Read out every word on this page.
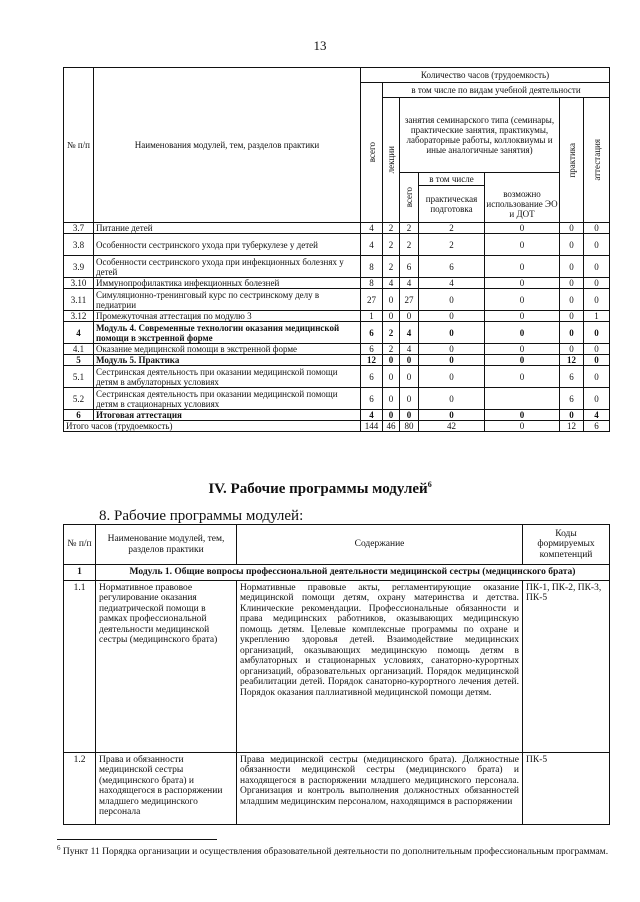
13
№ п/п	Наименования модулей, тем, разделов практики	Количество часов (трудоемкость)						

		всего	в том числе по видам учебной деятельности					

			лекции	занятия семинарского типа (семинары, практические занятия, практикумы, лабораторные работы, коллоквиумы и иные аналогичные занятия)			практика	аттестация

				всего	в том числе
практическая подготовка	возможно использование ЭО и ДОТ		

3.7	Питание детей	4	2	2	2	0	0	0
3.8	Особенности сестринского ухода при туберкулезе у детей	4	2	2	2	0	0	0
3.9	Особенности сестринского ухода при инфекционных болезнях у детей	8	2	6	6	0	0	0
3.10	Иммунопрофилактика инфекционных болезней	8	4	4	4	0	0	0
3.11	Симуляционно-тренинговый курс по сестринскому делу в педиатрии	27	0	27	0	0	0	0
3.12	Промежуточная аттестация по модулю 3	1	0	0	0	0	0	1
4	Модуль 4. Современные технологии оказания медицинской помощи в экстренной форме	6	2	4	0	0	0	0
4.1	Оказание медицинской помощи в экстренной форме	6	2	4	0	0	0	0
5	Модуль 5. Практика	12	0	0	0	0	12	0
5.1	Сестринская деятельность при оказании медицинской помощи детям в амбулаторных условиях	6	0	0	0	0	6	0
5.2	Сестринская деятельность при оказании медицинской помощи детям в стационарных условиях	6	0	0	0		6	0
6	Итоговая аттестация	4	0	0	0	0	0	4
Итого часов (трудоемкость)		144	46	80	42	0	12	6
IV. Рабочие программы модулей$^6$
8. Рабочие программы модулей:
№ п/п	Наименование модулей, тем, разделов практики	Содержание	Коды формируемых компетенций
1	Модуль 1. Общие вопросы профессиональной деятельности медицинской сестры (медицинского брата)		
1.1	Нормативное правовое регулирование оказания педиатрической помощи в рамках профессиональной деятельности медицинской сестры (медицинского брата)	Нормативные правовые акты, регламентирующие оказание медицинской помощи детям, охрану материнства и детства. Клинические рекомендации. Профессиональные обязанности и права медицинских работников, оказывающих медицинскую помощь детям. Целевые комплексные программы по охране и укреплению здоровья детей. Взаимодействие медицинских организаций, оказывающих медицинскую помощь детям в амбулаторных и стационарных условиях, санаторно-курортных организаций, образовательных организаций. Порядок медицинской реабилитации детей. Порядок санаторно-курортного лечения детей. Порядок оказания паллиативной медицинской помощи детям.	ПК-1, ПК-2, ПК-3, ПК-5
1.2	Права и обязанности медицинской сестры (медицинского брата) и находящегося в распоряжении младшего медицинского персонала	Права медицинской сестры (медицинского брата). Должностные обязанности медицинской сестры (медицинского брата) и находящегося в распоряжении младшего медицинского персонала. Организация и контроль выполнения должностных обязанностей младшим медицинским персоналом, находящимся в распоряжении	ПК-5
$^6$ Пункт 11 Порядка организации и осуществления образовательной деятельности по дополнительным профессиональным программам.
